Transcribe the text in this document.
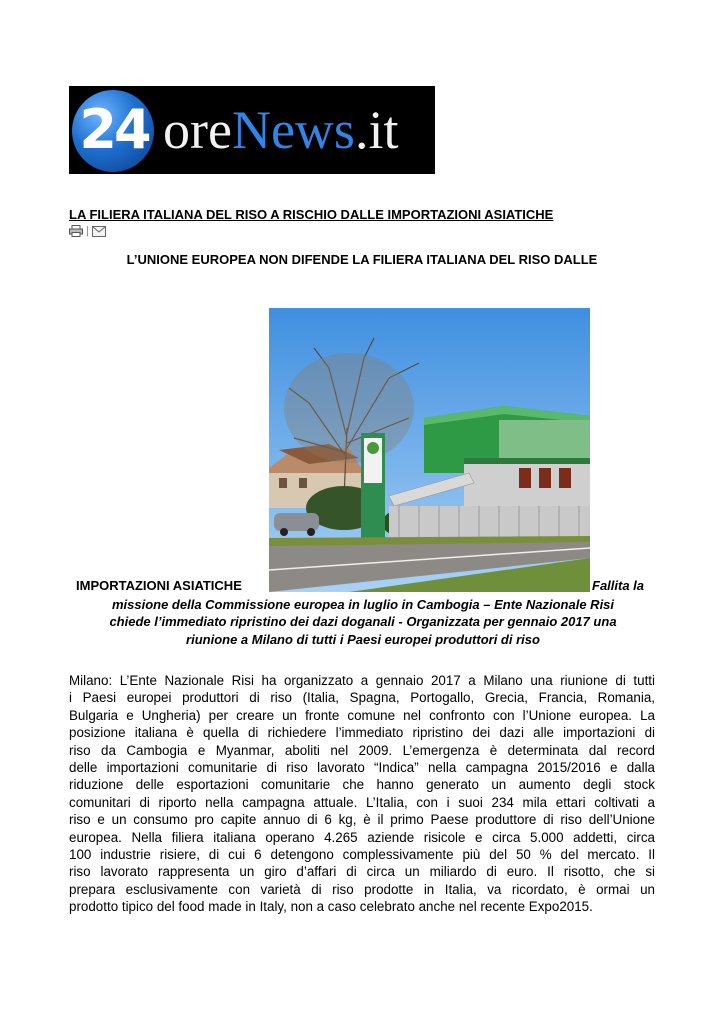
24 oreNews.it
LA FILIERA ITALIANA DEL RISO A RISCHIO DALLE IMPORTAZIONI ASIATICHE
|
L’UNIONE EUROPEA NON DIFENDE LA FILIERA ITALIANA DEL RISO DALLE
IMPORTAZIONI ASIATICHE	Fallita la
missione della Commissione europea in luglio in Cambogia – Ente Nazionale Risi
chiede l’immediato ripristino dei dazi doganali - Organizzata per gennaio 2017 una
riunione a Milano di tutti i Paesi europei produttori di riso
Milano: L’Ente Nazionale Risi ha organizzato a gennaio 2017 a Milano una riunione di tutti
i Paesi europei produttori di riso (Italia, Spagna, Portogallo, Grecia, Francia, Romania,
Bulgaria e Ungheria) per creare un fronte comune nel confronto con l’Unione europea. La
posizione italiana è quella di richiedere l’immediato ripristino dei dazi alle importazioni di
riso da Cambogia e Myanmar, aboliti nel 2009. L’emergenza è determinata dal record
delle importazioni comunitarie di riso lavorato “Indica” nella campagna 2015/2016 e dalla
riduzione delle esportazioni comunitarie che hanno generato un aumento degli stock
comunitari di riporto nella campagna attuale. L’Italia, con i suoi 234 mila ettari coltivati a
riso e un consumo pro capite annuo di 6 kg, è il primo Paese produttore di riso dell’Unione
europea. Nella filiera italiana operano 4.265 aziende risicole e circa 5.000 addetti, circa
100 industrie risiere, di cui 6 detengono complessivamente più del 50 % del mercato. Il
riso lavorato rappresenta un giro d’affari di circa un miliardo di euro. Il risotto, che si
prepara esclusivamente con varietà di riso prodotte in Italia, va ricordato, è ormai un
prodotto tipico del food made in Italy, non a caso celebrato anche nel recente Expo2015.
